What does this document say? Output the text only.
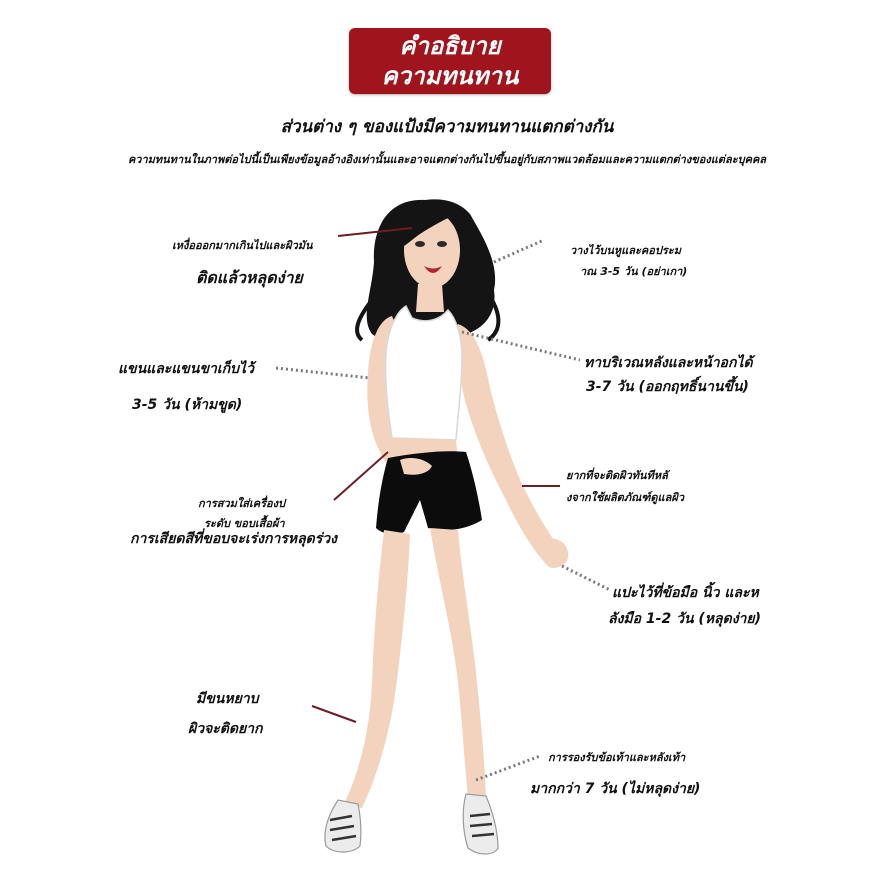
คำอธิบาย
ความทนทาน
ส่วนต่าง ๆ ของแป้งมีความทนทานแตกต่างกัน
ความทนทานในภาพต่อไปนี้เป็นเพียงข้อมูลอ้างอิงเท่านั้นและอาจแตกต่างกันไปขึ้นอยู่กับสภาพแวดล้อมและความแตกต่างของแต่ละบุคคล
เหงื่อออกมากเกินไปและผิวมัน
ติดแล้วหลุดง่าย
วางไว้บนหูและคอประม
าณ 3-5 วัน (อย่าเกา)
แขนและแขนขาเก็บไว้
3-5 วัน (ห้ามขูด)
ทาบริเวณหลังและหน้าอกได้
3-7 วัน (ออกฤทธิ์นานขึ้น)
ยากที่จะติดผิวทันทีหลั
งจากใช้ผลิตภัณฑ์ดูแลผิว
การสวมใส่เครื่องป
ระดับ ขอบเสื้อผ้า
การเสียดสีที่ขอบจะเร่งการหลุดร่วง
แปะไว้ที่ข้อมือ นิ้ว และห
ลังมือ 1-2 วัน (หลุดง่าย)
มีขนหยาบ
ผิวจะติดยาก
การรองรับข้อเท้าและหลังเท้า
มากกว่า 7 วัน (ไม่หลุดง่าย)
